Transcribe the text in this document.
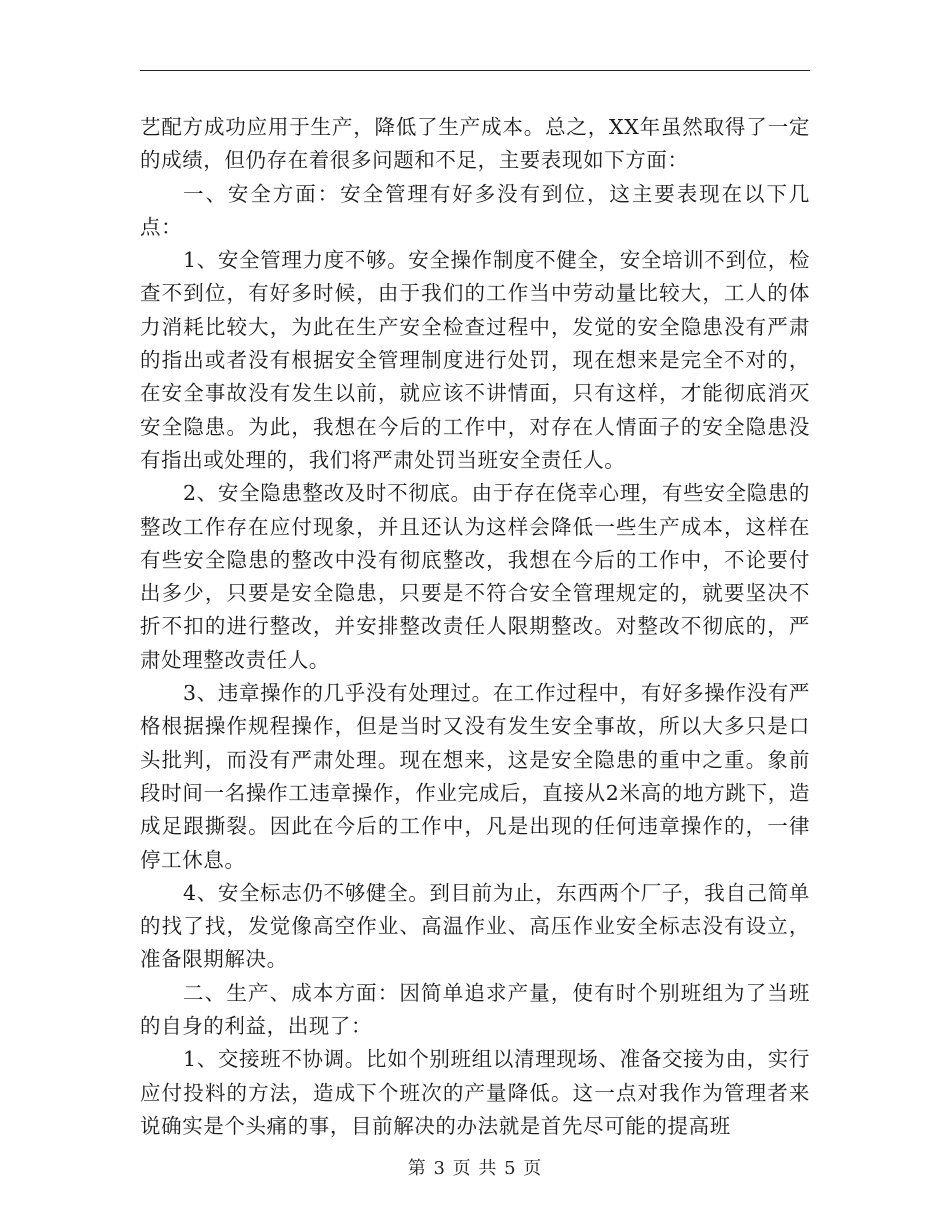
艺配方成功应用于生产，降低了生产成本。总之，XX年虽然取得了一定的成绩，但仍存在着很多问题和不足，主要表现如下方面：

一、安全方面：安全管理有好多没有到位，这主要表现在以下几点：

1、安全管理力度不够。安全操作制度不健全，安全培训不到位，检查不到位，有好多时候，由于我们的工作当中劳动量比较大，工人的体力消耗比较大，为此在生产安全检查过程中，发觉的安全隐患没有严肃的指出或者没有根据安全管理制度进行处罚，现在想来是完全不对的，在安全事故没有发生以前，就应该不讲情面，只有这样，才能彻底消灭安全隐患。为此，我想在今后的工作中，对存在人情面子的安全隐患没有指出或处理的，我们将严肃处罚当班安全责任人。

2、安全隐患整改及时不彻底。由于存在侥幸心理，有些安全隐患的整改工作存在应付现象，并且还认为这样会降低一些生产成本，这样在有些安全隐患的整改中没有彻底整改，我想在今后的工作中，不论要付出多少，只要是安全隐患，只要是不符合安全管理规定的，就要坚决不折不扣的进行整改，并安排整改责任人限期整改。对整改不彻底的，严肃处理整改责任人。

3、违章操作的几乎没有处理过。在工作过程中，有好多操作没有严格根据操作规程操作，但是当时又没有发生安全事故，所以大多只是口头批判，而没有严肃处理。现在想来，这是安全隐患的重中之重。象前段时间一名操作工违章操作，作业完成后，直接从2米高的地方跳下，造成足跟撕裂。因此在今后的工作中，凡是出现的任何违章操作的，一律停工休息。

4、安全标志仍不够健全。到目前为止，东西两个厂子，我自己简单的找了找，发觉像高空作业、高温作业、高压作业安全标志没有设立，准备限期解决。

二、生产、成本方面：因简单追求产量，使有时个别班组为了当班的自身的利益，出现了：

1、交接班不协调。比如个别班组以清理现场、准备交接为由，实行应付投料的方法，造成下个班次的产量降低。这一点对我作为管理者来说确实是个头痛的事，目前解决的办法就是首先尽可能的提高班

第 3 页 共 5 页
